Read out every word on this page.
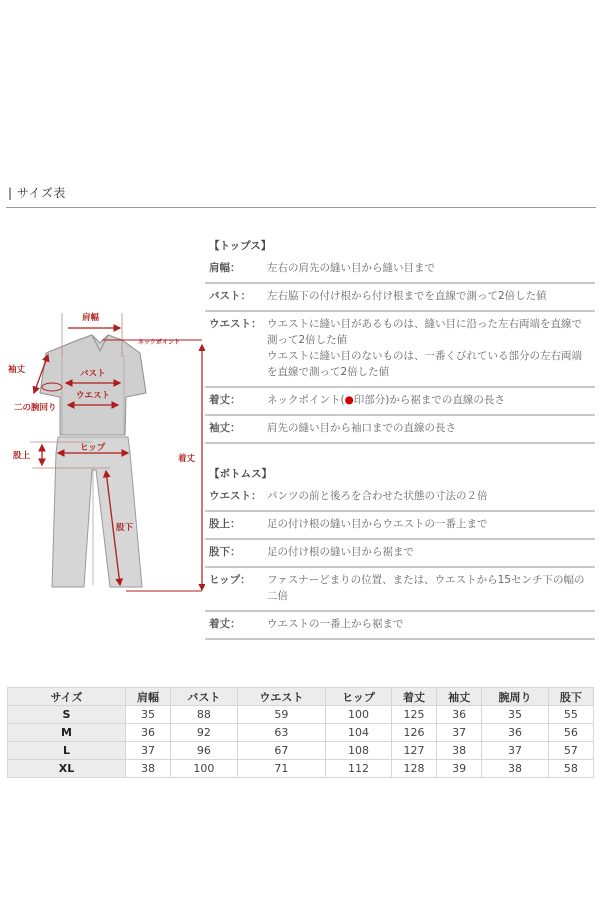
| サイズ表
肩幅
ネックポイント
袖丈	バスト
ウエスト
二の腕回り
股上
ヒップ
着丈
股下
【トップス】
肩幅：	左右の肩先の縫い目から縫い目まで
バスト：	左右脇下の付け根から付け根までを直線で測って2倍した値
ウエスト： ウエストに縫い目があるものは、縫い目に沿った左右両端を直線で
測って2倍した値
ウエストに縫い目のないものは、一番くびれている部分の左右両端
を直線で測って2倍した値
着丈：	ネックポイント(●印部分)から裾までの直線の長さ
袖丈：	肩先の縫い目から袖口までの直線の長さ
【ボトムス】
ウエスト： パンツの前と後ろを合わせた状態の寸法の２倍
股上：	足の付け根の縫い目からウエストの一番上まで
股下：	足の付け根の縫い目から裾まで
ヒップ：	ファスナーどまりの位置、または、ウエストから15センチ下の幅の
二倍
着丈：	ウエストの一番上から裾まで
サイズ	肩幅	バスト	ウエスト	ヒップ	着丈	袖丈	腕周り	股下
S	35	88	59	100	125	36	35	55
M	36	92	63	104	126	37	36	56
L	37	96	67	108	127	38	37	57
XL	38	100	71	112	128	39	38	58
